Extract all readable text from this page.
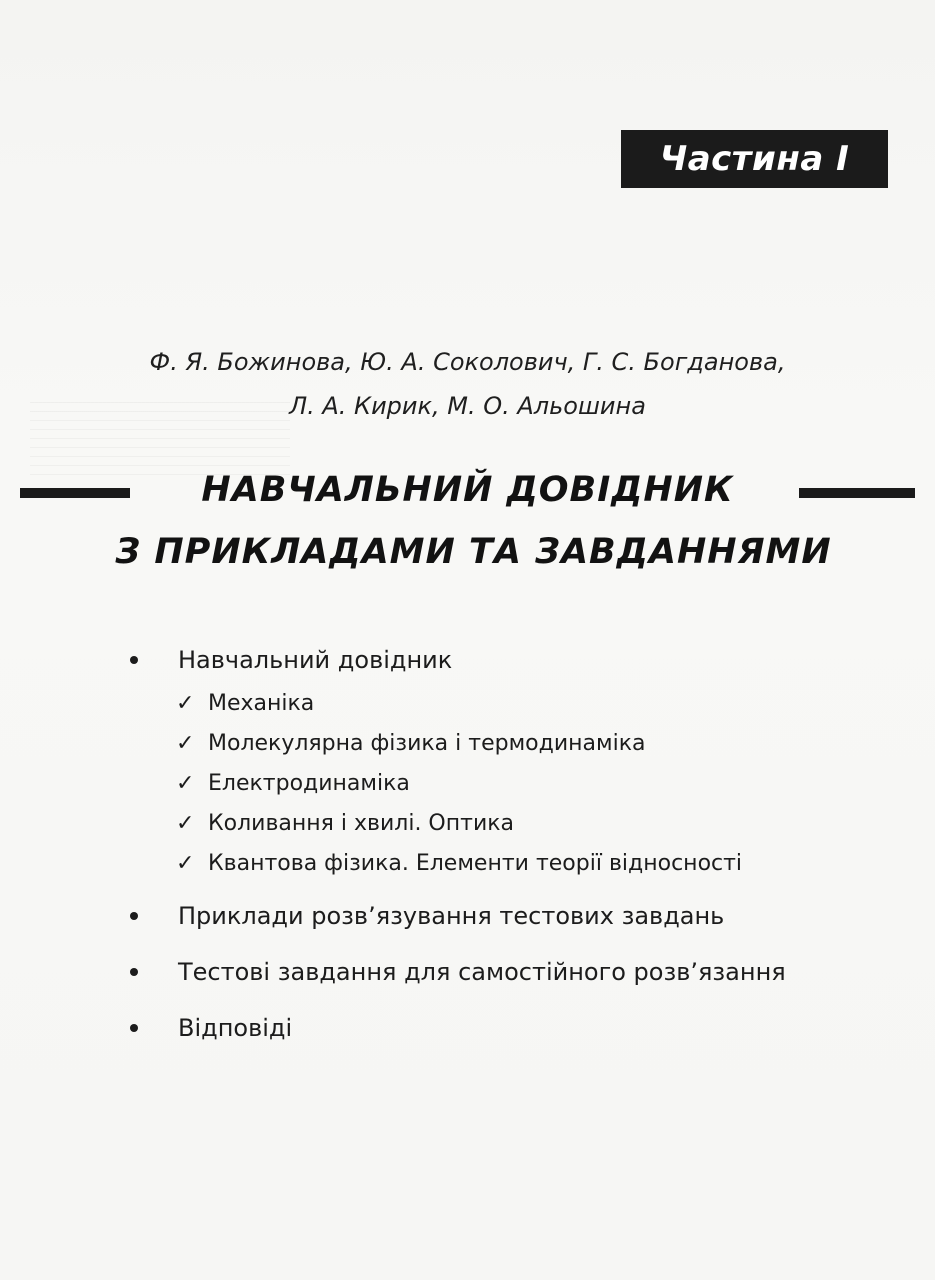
Частина І
Ф. Я. Божинова, Ю. А. Соколович, Г. С. Богданова,
Л. А. Кирик, М. О. Альошина
НАВЧАЛЬНИЙ ДОВІДНИК
З ПРИКЛАДАМИ ТА ЗАВДАННЯМИ
Навчальний довідник
✓ Механіка
✓ Молекулярна фізика і термодинаміка
✓ Електродинаміка
✓ Коливання і хвилі. Оптика
✓ Квантова фізика. Елементи теорії відносності
Приклади розв’язування тестових завдань
Тестові завдання для самостійного розв’язання
Відповіді
